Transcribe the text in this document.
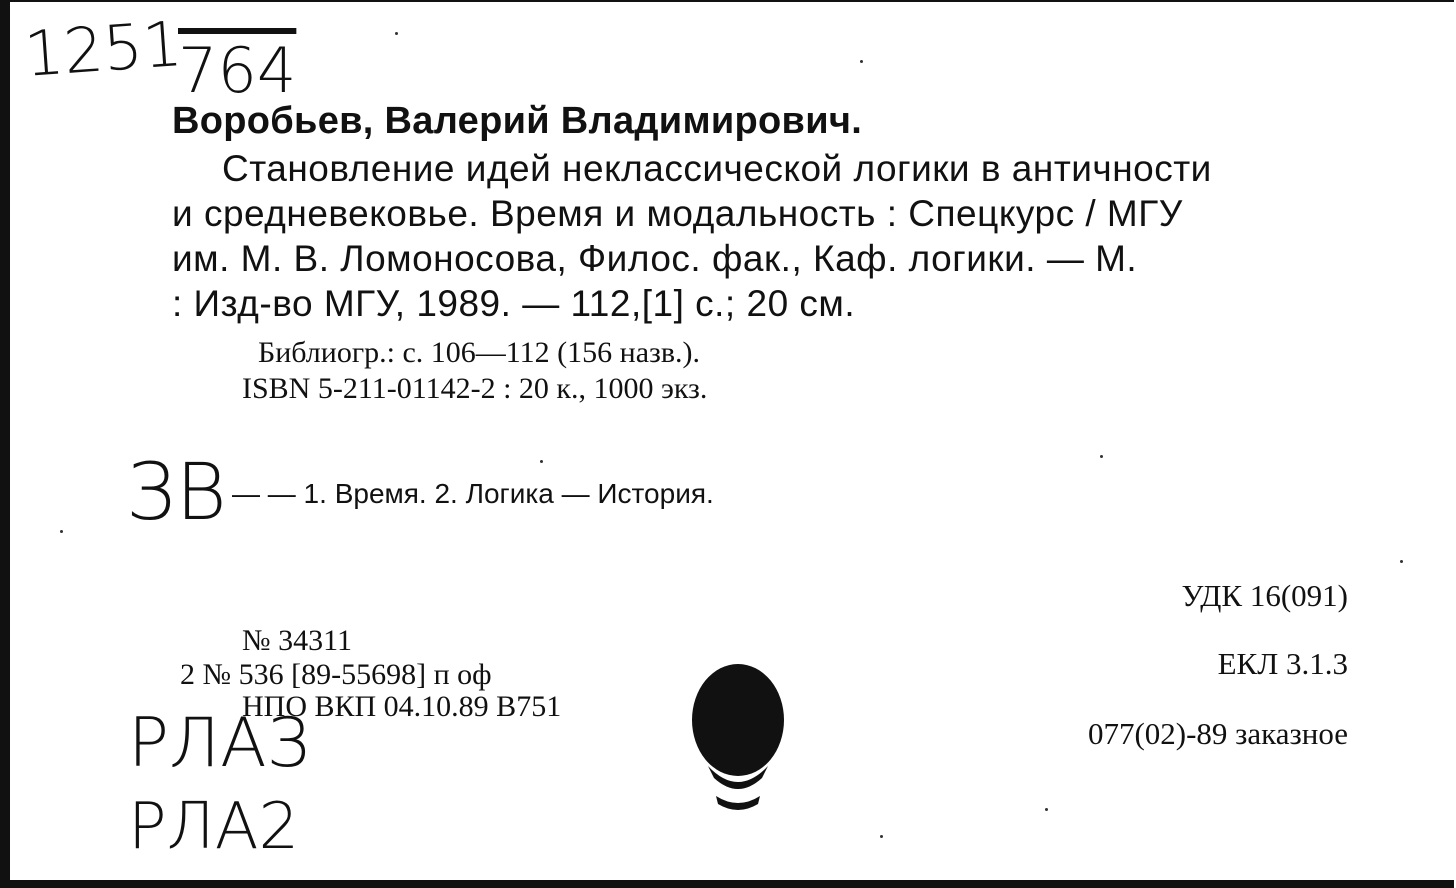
1251
764
ЗВ
РЛАЗ
РЛА2
Воробьев, Валерий Владимирович.
Становление идей неклассической логики в античности
и средневековье. Время и модальность : Спецкурс / МГУ
им. М. В. Ломоносова, Филос. фак., Каф. логики. — М.
: Изд-во МГУ, 1989. — 112,[1] с.; 20 см.
Библиогр.: с. 106—112 (156 назв.).
ISBN 5-211-01142-2 : 20 к., 1000 экз.
— — 1. Время. 2. Логика — История.
УДК 16(091)
ЕКЛ 3.1.3
077(02)-89 заказное
№ 34311
2 № 536 [89-55698] п оф
НПО ВКП 04.10.89 В751
